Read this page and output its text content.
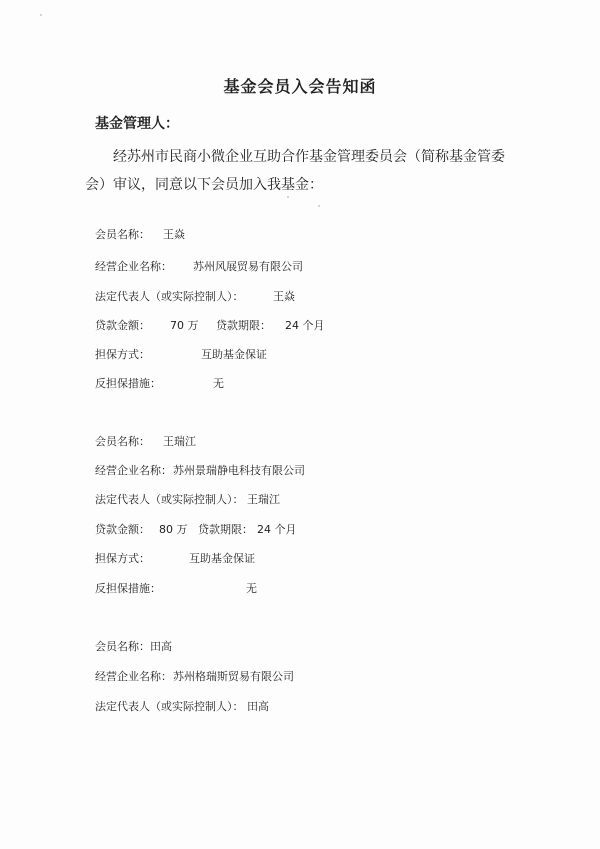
基金会员入会告知函
基金管理人：
经苏州市民商小微企业互助合作基金管理委员会（简称基金管委会）审议，同意以下会员加入我基金：
会员名称： 王焱
经营企业名称： 苏州风展贸易有限公司
法定代表人（或实际控制人）：	王焱
贷款金额： 70 万 贷款期限： 24 个月
担保方式：	互助基金保证
反担保措施：	无
会员名称： 王瑞江
经营企业名称： 苏州景瑞静电科技有限公司
法定代表人（或实际控制人）： 王瑞江
贷款金额： 80 万 贷款期限： 24 个月
担保方式：	互助基金保证
反担保措施：	无
会员名称： 田高
经营企业名称： 苏州格瑞斯贸易有限公司
法定代表人（或实际控制人）： 田高
